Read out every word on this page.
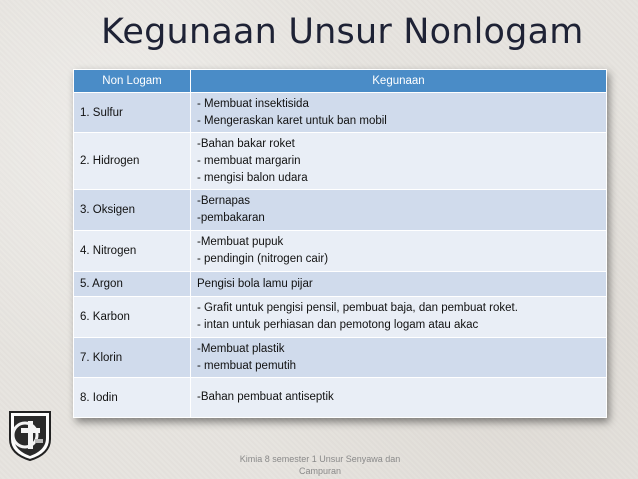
Kegunaan Unsur Nonlogam
Non Logam	Kegunaan
1. Sulfur	- Membuat insektisida
- Mengeraskan karet untuk ban mobil

2. Hidrogen	-Bahan bakar roket
- membuat margarin
- mengisi balon udara

3. Oksigen	-Bernapas
-pembakaran

4. Nitrogen	-Membuat pupuk
- pendingin (nitrogen cair)

5. Argon	Pengisi bola lamu pijar

6. Karbon	- Grafit untuk pengisi pensil, pembuat baja, dan pembuat roket.
- intan untuk perhiasan dan pemotong logam atau akac

7. Klorin	-Membuat plastik
- membuat pemutih

8. Iodin	-Bahan pembuat antiseptik
Kimia 8 semester 1 Unsur Senyawa dan
Campuran
